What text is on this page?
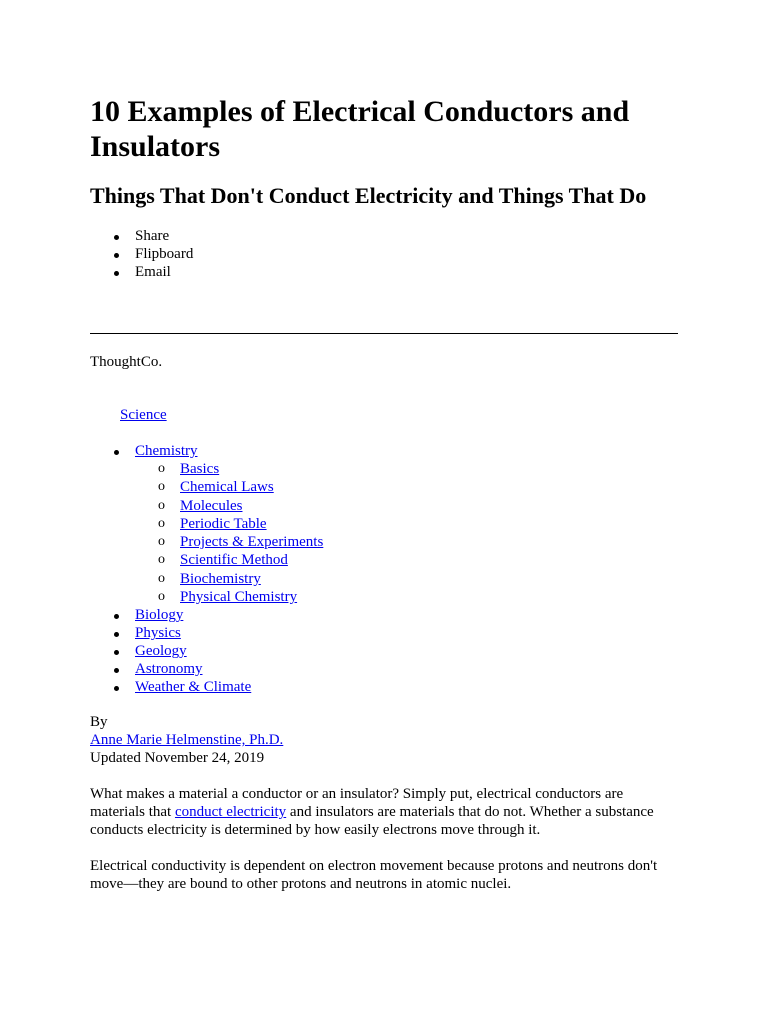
10 Examples of Electrical Conductors and Insulators
Things That Don't Conduct Electricity and Things That Do
Share
Flipboard
Email
ThoughtCo.
Science
Chemistry
o Basics
o Chemical Laws
o Molecules
o Periodic Table
o Projects & Experiments
o Scientific Method
o Biochemistry
o Physical Chemistry
Biology
Physics
Geology
Astronomy
Weather & Climate
By
Anne Marie Helmenstine, Ph.D.
Updated November 24, 2019

What makes a material a conductor or an insulator? Simply put, electrical conductors are materials that conduct electricity and insulators are materials that do not. Whether a substance conducts electricity is determined by how easily electrons move through it.

Electrical conductivity is dependent on electron movement because protons and neutrons don't move—they are bound to other protons and neutrons in atomic nuclei.
